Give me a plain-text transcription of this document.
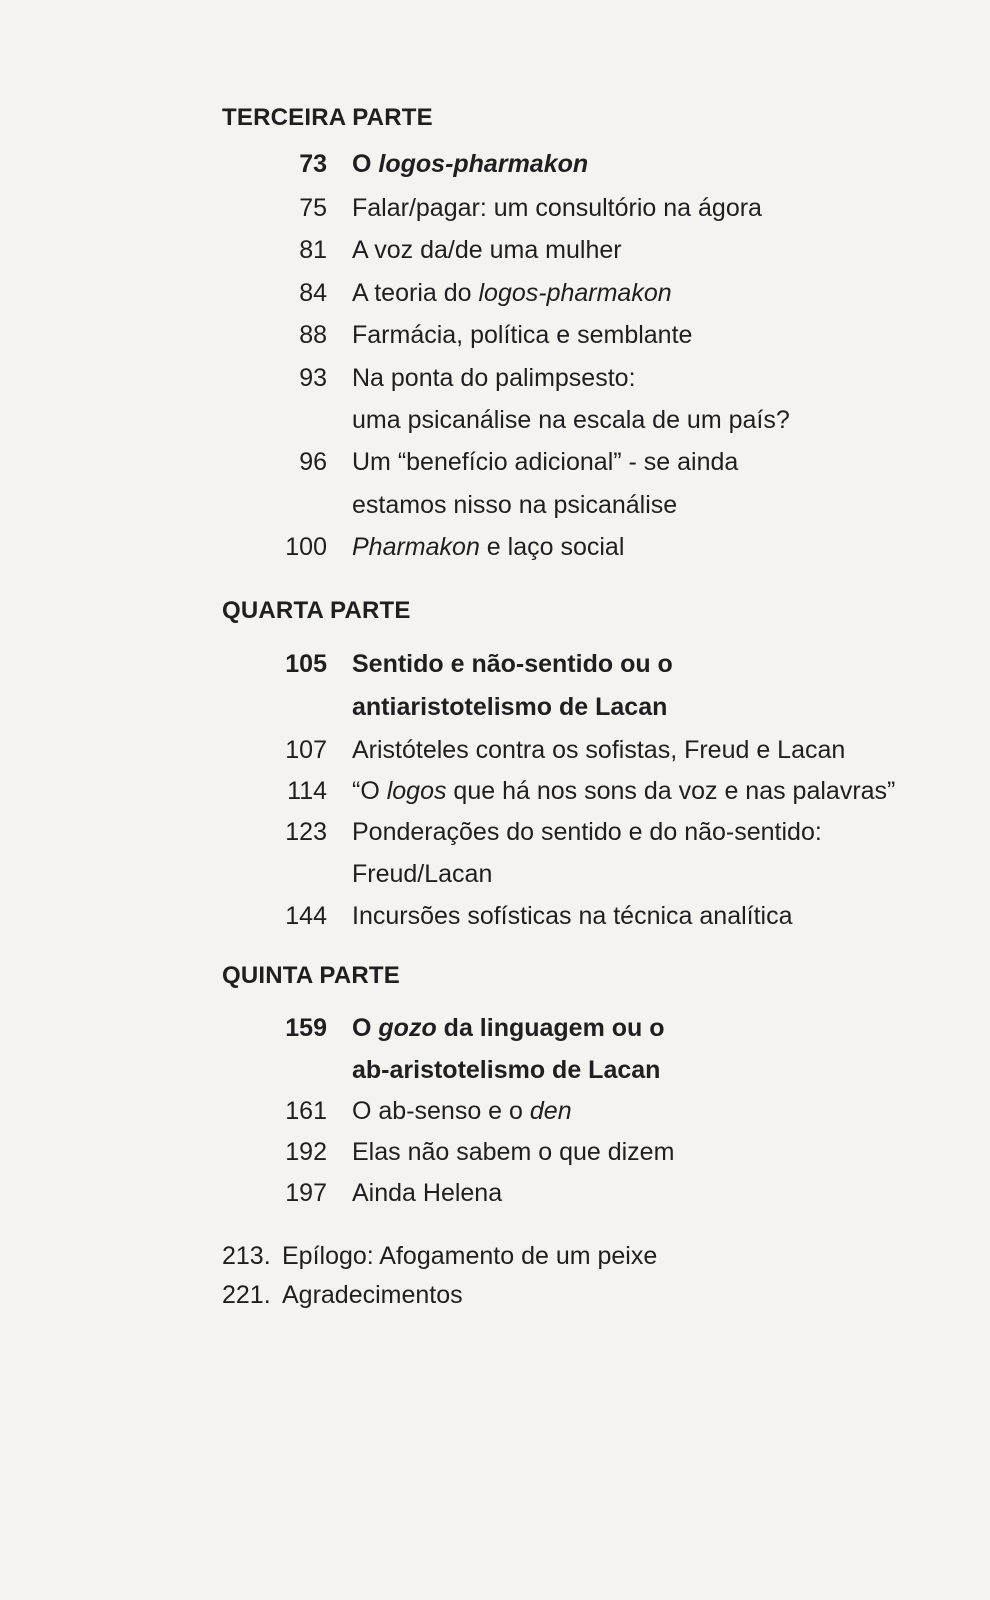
TERCEIRA PARTE
73 O logos-pharmakon
75 Falar/pagar: um consultório na ágora
81 A voz da/de uma mulher
84 A teoria do logos-pharmakon
88 Farmácia, política e semblante
93 Na ponta do palimpsesto:
uma psicanálise na escala de um país?
96 Um “benefício adicional” - se ainda
estamos nisso na psicanálise
100 Pharmakon e laço social
QUARTA PARTE
105 Sentido e não-sentido ou o
antiaristotelismo de Lacan
107 Aristóteles contra os sofistas, Freud e Lacan
114 “O logos que há nos sons da voz e nas palavras”
123 Ponderações do sentido e do não-sentido:
Freud/Lacan
144 Incursões sofísticas na técnica analítica
QUINTA PARTE
159 O gozo da linguagem ou o
ab-aristotelismo de Lacan
161 O ab-senso e o den
192 Elas não sabem o que dizem
197 Ainda Helena
213. Epílogo: Afogamento de um peixe
221. Agradecimentos
